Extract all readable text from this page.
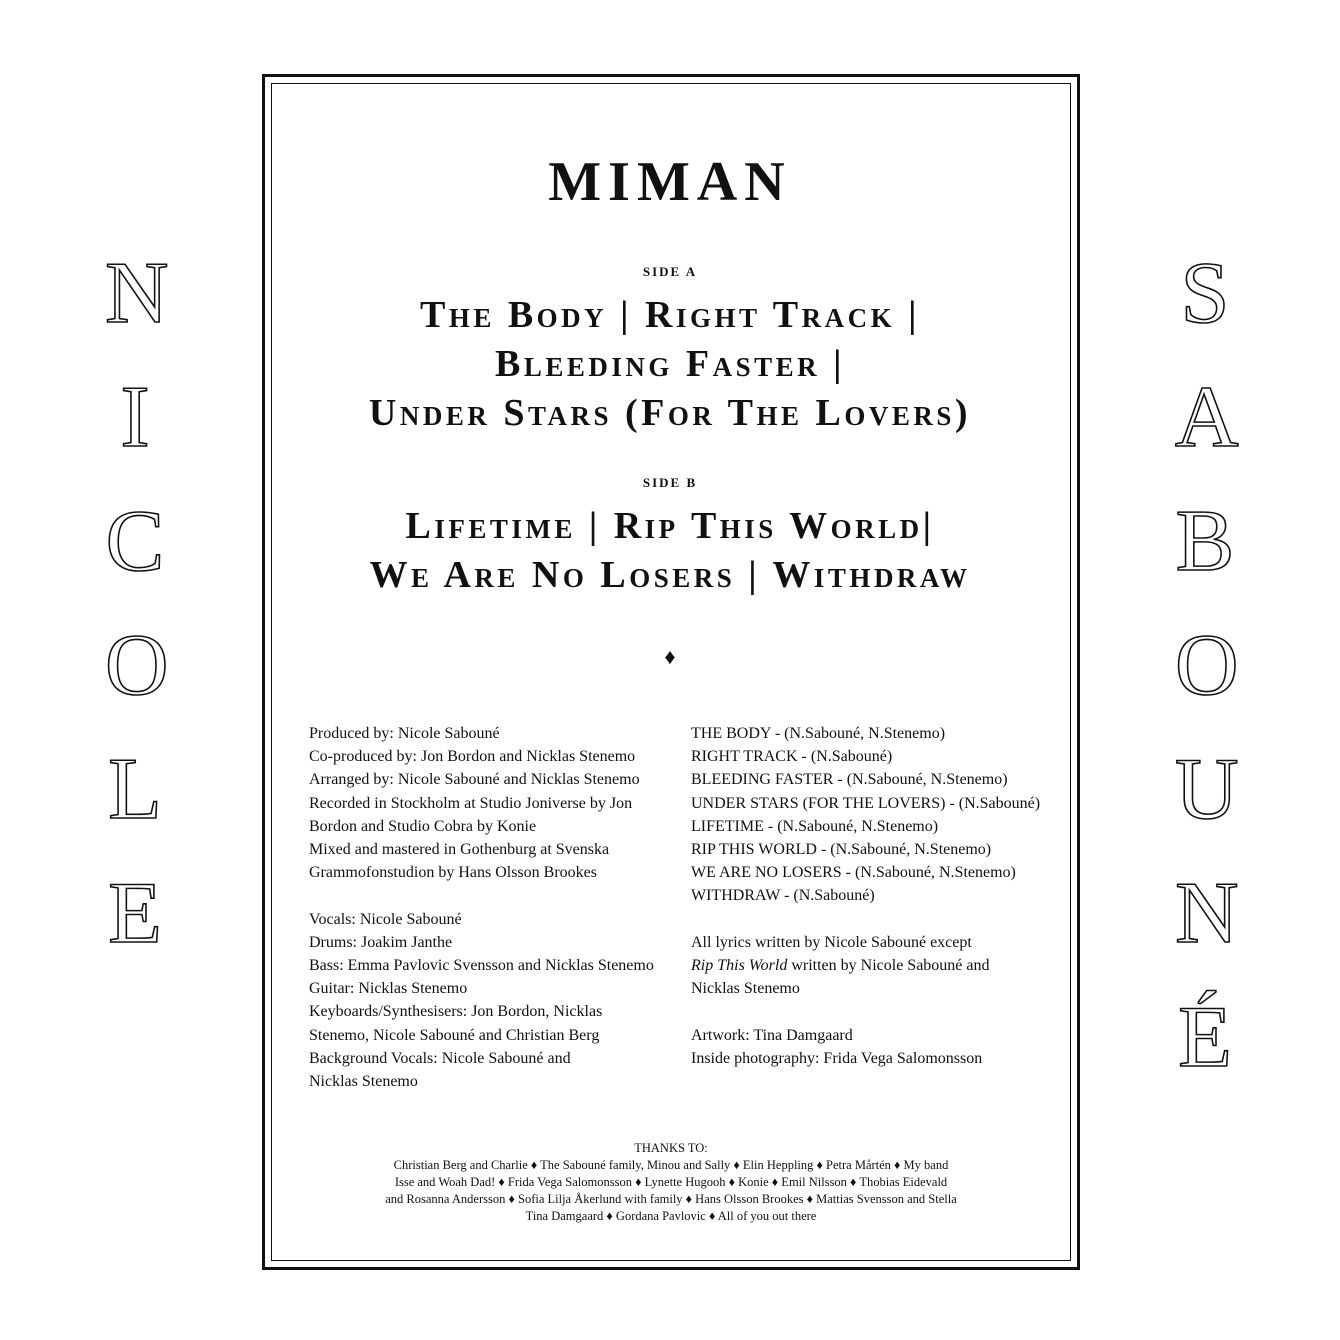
N
I
C
O
L
E
S
A
B
O
U
N
É
MIMAN
SIDE A
The Body | Right Track |
Bleeding Faster |
Under Stars (For The Lovers)
SIDE B
Lifetime | Rip This World|
We Are No Losers | Withdraw
♦
Produced by: Nicole Sabouné
Co-produced by: Jon Bordon and Nicklas Stenemo
Arranged by: Nicole Sabouné and Nicklas Stenemo
Recorded in Stockholm at Studio Joniverse by Jon
Bordon and Studio Cobra by Konie
Mixed and mastered in Gothenburg at Svenska
Grammofonstudion by Hans Olsson Brookes
Vocals: Nicole Sabouné
Drums: Joakim Janthe
Bass: Emma Pavlovic Svensson and Nicklas Stenemo
Guitar: Nicklas Stenemo
Keyboards/Synthesisers: Jon Bordon, Nicklas
Stenemo, Nicole Sabouné and Christian Berg
Background Vocals: Nicole Sabouné and
Nicklas Stenemo
THE BODY - (N.Sabouné, N.Stenemo)
RIGHT TRACK - (N.Sabouné)
BLEEDING FASTER - (N.Sabouné, N.Stenemo)
UNDER STARS (FOR THE LOVERS) - (N.Sabouné)
LIFETIME - (N.Sabouné, N.Stenemo)
RIP THIS WORLD - (N.Sabouné, N.Stenemo)
WE ARE NO LOSERS - (N.Sabouné, N.Stenemo)
WITHDRAW - (N.Sabouné)
All lyrics written by Nicole Sabouné except
Rip This World written by Nicole Sabouné and
Nicklas Stenemo
Artwork: Tina Damgaard
Inside photography: Frida Vega Salomonsson
THANKS TO:
Christian Berg and Charlie ♦ The Sabouné family, Minou and Sally ♦ Elin Heppling ♦ Petra Mårtén ♦ My band
Isse and Woah Dad! ♦ Frida Vega Salomonsson ♦ Lynette Hugooh ♦ Konie ♦ Emil Nilsson ♦ Thobias Eidevald
and Rosanna Andersson ♦ Sofia Lilja Åkerlund with family ♦ Hans Olsson Brookes ♦ Mattias Svensson and Stella
Tina Damgaard ♦ Gordana Pavlovic ♦ All of you out there
